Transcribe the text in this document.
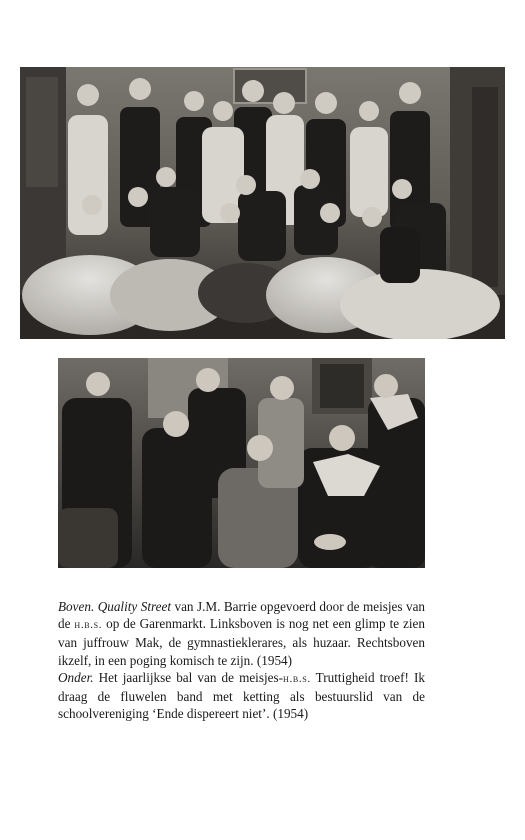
Boven. Quality Street van J.M. Barrie opgevoerd door de meisjes van de h.b.s. op de Garenmarkt. Linksboven is nog net een glimp te zien van juffrouw Mak, de gymnastieklerares, als huzaar. Rechtsboven ikzelf, in een poging komisch te zijn. (1954)

Onder. Het jaarlijkse bal van de meisjes-h.b.s. Truttigheid troef! Ik draag de fluwelen band met ketting als bestuurslid van de schoolvereniging ‘Ende dispereert niet’. (1954)
